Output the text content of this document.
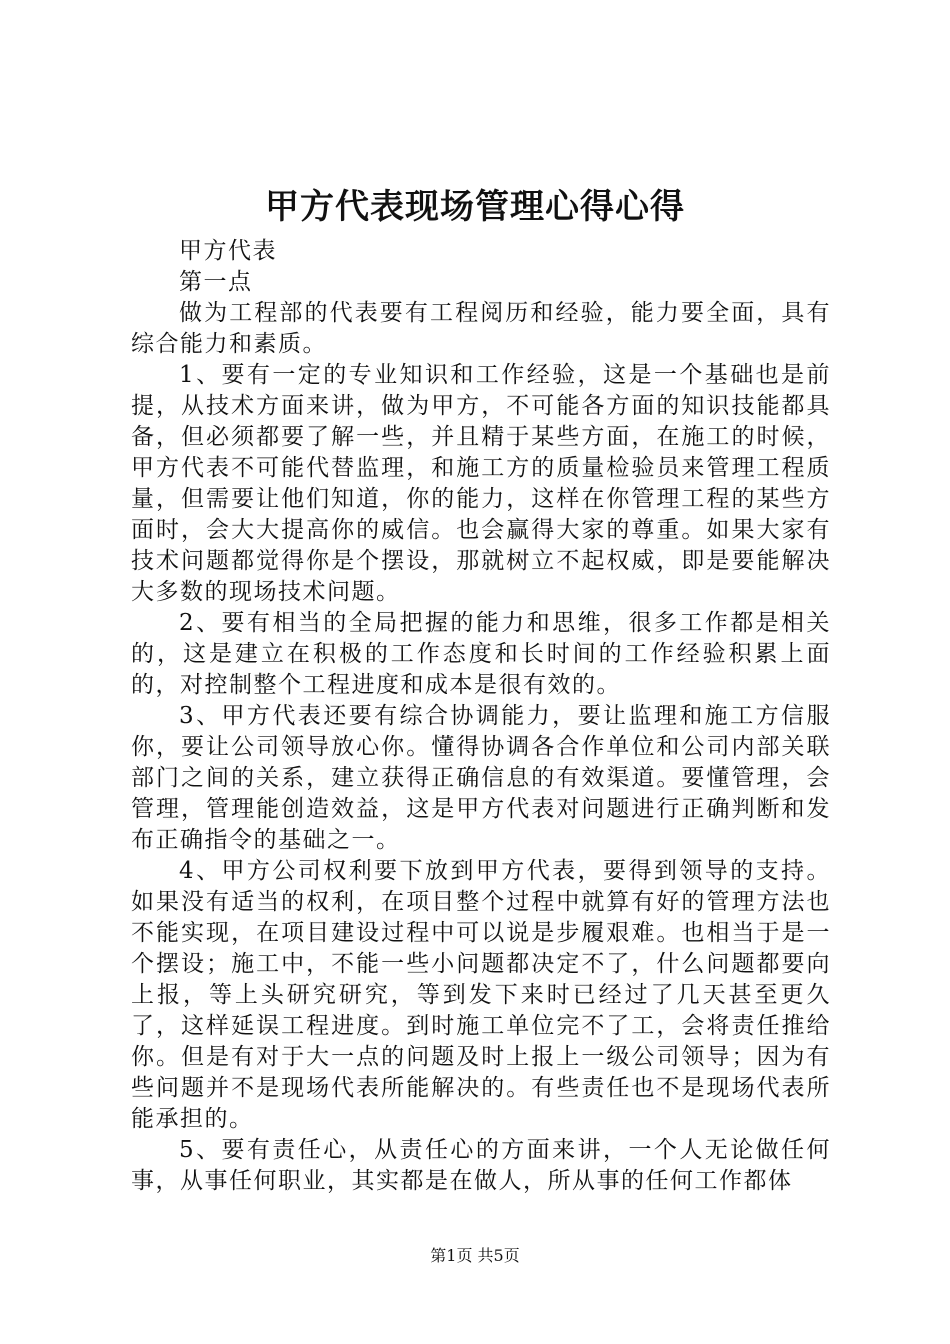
甲方代表现场管理心得心得

甲方代表

第一点

做为工程部的代表要有工程阅历和经验，能力要全面，具有综合能力和素质。

1、要有一定的专业知识和工作经验，这是一个基础也是前提，从技术方面来讲，做为甲方，不可能各方面的知识技能都具备，但必须都要了解一些，并且精于某些方面，在施工的时候，甲方代表不可能代替监理，和施工方的质量检验员来管理工程质量，但需要让他们知道，你的能力，这样在你管理工程的某些方面时，会大大提高你的威信。也会赢得大家的尊重。如果大家有技术问题都觉得你是个摆设，那就树立不起权威，即是要能解决大多数的现场技术问题。

2、要有相当的全局把握的能力和思维，很多工作都是相关的，这是建立在积极的工作态度和长时间的工作经验积累上面的，对控制整个工程进度和成本是很有效的。

3、甲方代表还要有综合协调能力，要让监理和施工方信服你，要让公司领导放心你。懂得协调各合作单位和公司内部关联部门之间的关系，建立获得正确信息的有效渠道。要懂管理，会管理，管理能创造效益，这是甲方代表对问题进行正确判断和发布正确指令的基础之一。

4、甲方公司权利要下放到甲方代表，要得到领导的支持。如果没有适当的权利，在项目整个过程中就算有好的管理方法也不能实现，在项目建设过程中可以说是步履艰难。也相当于是一个摆设；施工中，不能一些小问题都决定不了，什么问题都要向上报，等上头研究研究，等到发下来时已经过了几天甚至更久了，这样延误工程进度。到时施工单位完不了工，会将责任推给你。但是有对于大一点的问题及时上报上一级公司领导；因为有些问题并不是现场代表所能解决的。有些责任也不是现场代表所能承担的。

5、要有责任心，从责任心的方面来讲，一个人无论做任何事，从事任何职业，其实都是在做人，所从事的任何工作都体

第1页 共5页
